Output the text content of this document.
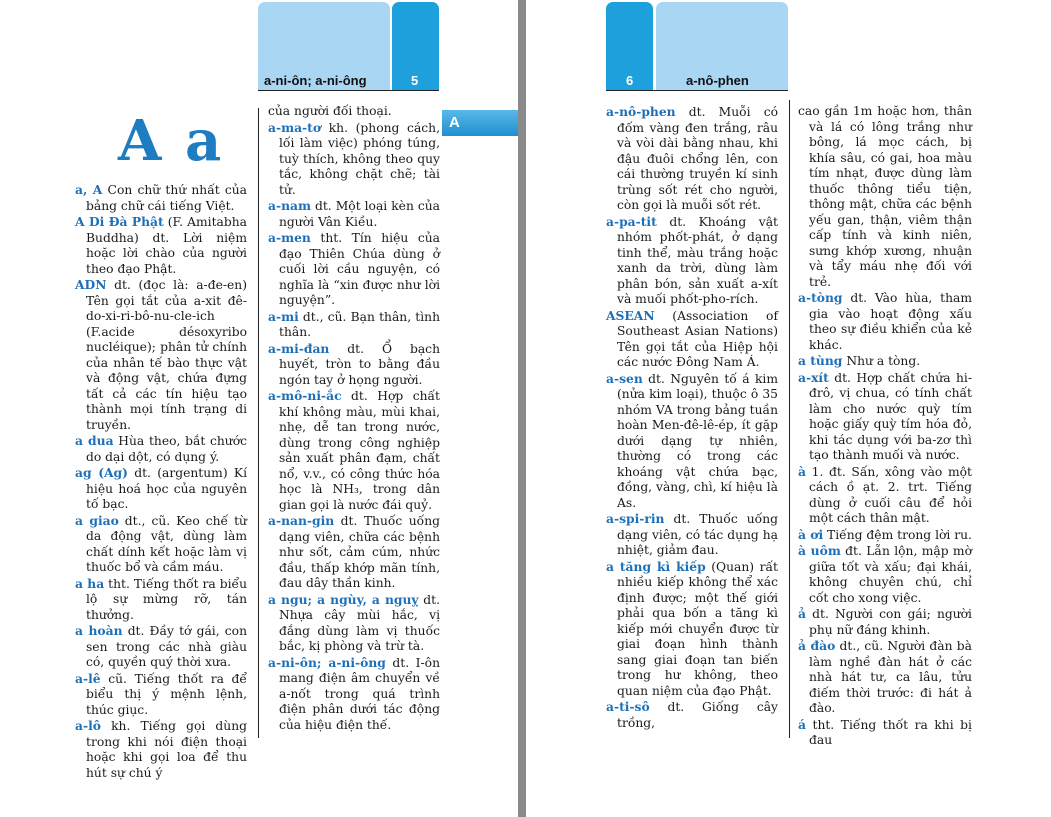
a-ni-ôn; a-ni-ông	5
A a

a, A Con chữ thứ nhất của bảng chữ cái tiếng Việt.

A Di Đà Phật (F. Amitabha Buddha) dt. Lời niệm hoặc lời chào của người theo đạo Phật.

ADN dt. (đọc là: a-đe-en) Tên gọi tắt của a-xit đê-do-xi-ri-bô-nu-cle-ich (F.acide désoxyribo nucléique); phân tử chính của nhân tế bào thực vật và động vật, chứa đựng tất cả các tín hiệu tạo thành mọi tính trạng di truyền.

a dua Hùa theo, bắt chước do dại dột, có dụng ý.

ag (Ag) dt. (argentum) Kí hiệu hoá học của nguyên tố bạc.

a giao dt., cũ. Keo chế từ da động vật, dùng làm chất dính kết hoặc làm vị thuốc bổ và cầm máu.

a ha tht. Tiếng thốt ra biểu lộ sự mừng rỡ, tán thưởng.

a hoàn dt. Đầy tớ gái, con sen trong các nhà giàu có, quyền quý thời xưa.

a-lê cũ. Tiếng thốt ra để biểu thị ý mệnh lệnh, thúc giục.

a-lô kh. Tiếng gọi dùng trong khi nói điện thoại hoặc khi gọi loa để thu hút sự chú ý

của người đối thoại.

a-ma-tơ kh. (phong cách, lối làm việc) phóng túng, tuỳ thích, không theo quy tắc, không chặt chẽ; tài tử.

a-nam dt. Một loại kèn của người Vân Kiều.

a-men tht. Tín hiệu của đạo Thiên Chúa dùng ở cuối lời cầu nguyện, có nghĩa là “xin được như lời nguyện”.

a-mi dt., cũ. Bạn thân, tình thân.

a-mi-đan dt. Ổ bạch huyết, tròn to bằng đầu ngón tay ở họng người.

a-mô-ni-ắc dt. Hợp chất khí không màu, mùi khai, nhẹ, dễ tan trong nước, dùng trong công nghiệp sản xuất phân đạm, chất nổ, v.v., có công thức hóa học là NH₃, trong dân gian gọi là nước đái quỷ.

a-nan-gin dt. Thuốc uống dạng viên, chữa các bệnh như sốt, cảm cúm, nhức đầu, thấp khớp mãn tính, đau dây thần kinh.

a ngu; a ngùy, a nguỵ dt. Nhựa cây mùi hắc, vị đắng dùng làm vị thuốc bắc, kị phòng và trừ tà.

a-ni-ôn; a-ni-ông dt. I-ôn mang điện âm chuyển về a-nốt trong quá trình điện phân dưới tác động của hiệu điện thế.

A
6	a-nô-phen

a-nô-phen dt. Muỗi có đốm vàng đen trắng, râu và vòi dài bằng nhau, khi đậu đuôi chổng lên, con cái thường truyền kí sinh trùng sốt rét cho người, còn gọi là muỗi sốt rét.

a-pa-tit dt. Khoáng vật nhóm phốt-phát, ở dạng tinh thể, màu trắng hoặc xanh da trời, dùng làm phân bón, sản xuất a-xít và muối phốt-pho-rích.

ASEAN (Association of Southeast Asian Nations) Tên gọi tắt của Hiệp hội các nước Đông Nam Á.

a-sen dt. Nguyên tố á kim (nửa kim loại), thuộc ô 35 nhóm VA trong bảng tuần hoàn Men-đê-lê-ép, ít gặp dưới dạng tự nhiên, thường có trong các khoáng vật chứa bạc, đồng, vàng, chì, kí hiệu là As.

a-spi-rin dt. Thuốc uống dạng viên, có tác dụng hạ nhiệt, giảm đau.

a tăng kì kiếp (Quan) rất nhiều kiếp không thể xác định được; một thế giới phải qua bốn a tăng kì kiếp mới chuyển được từ giai đoạn hình thành sang giai đoạn tan biến trong hư không, theo quan niệm của đạo Phật.

a-ti-sô dt. Giống cây trồng,

cao gần 1m hoặc hơn, thân và lá có lông trắng như bông, lá mọc cách, bị khía sâu, có gai, hoa màu tím nhạt, được dùng làm thuốc thông tiểu tiện, thông mật, chữa các bệnh yếu gan, thận, viêm thận cấp tính và kinh niên, sưng khớp xương, nhuận và tẩy máu nhẹ đối với trẻ.

a-tòng dt. Vào hùa, tham gia vào hoạt động xấu theo sự điều khiển của kẻ khác.

a tùng Như a tòng.

a-xít dt. Hợp chất chứa hi-đrô, vị chua, có tính chất làm cho nước quỳ tím hoặc giấy quỳ tím hóa đỏ, khi tác dụng với ba-zơ thì tạo thành muối và nước.

à 1. đt. Sấn, xông vào một cách ồ ạt. 2. trt. Tiếng dùng ở cuối câu để hỏi một cách thân mật.

à ơi Tiếng đệm trong lời ru.

à uôm đt. Lẫn lộn, mập mờ giữa tốt và xấu; đại khái, không chuyên chú, chỉ cốt cho xong việc.

ả dt. Người con gái; người phụ nữ đáng khinh.

ả đào dt., cũ. Người đàn bà làm nghề đàn hát ở các nhà hát tư, ca lâu, tửu điếm thời trước: đi hát ả đào.

á tht. Tiếng thốt ra khi bị đau
